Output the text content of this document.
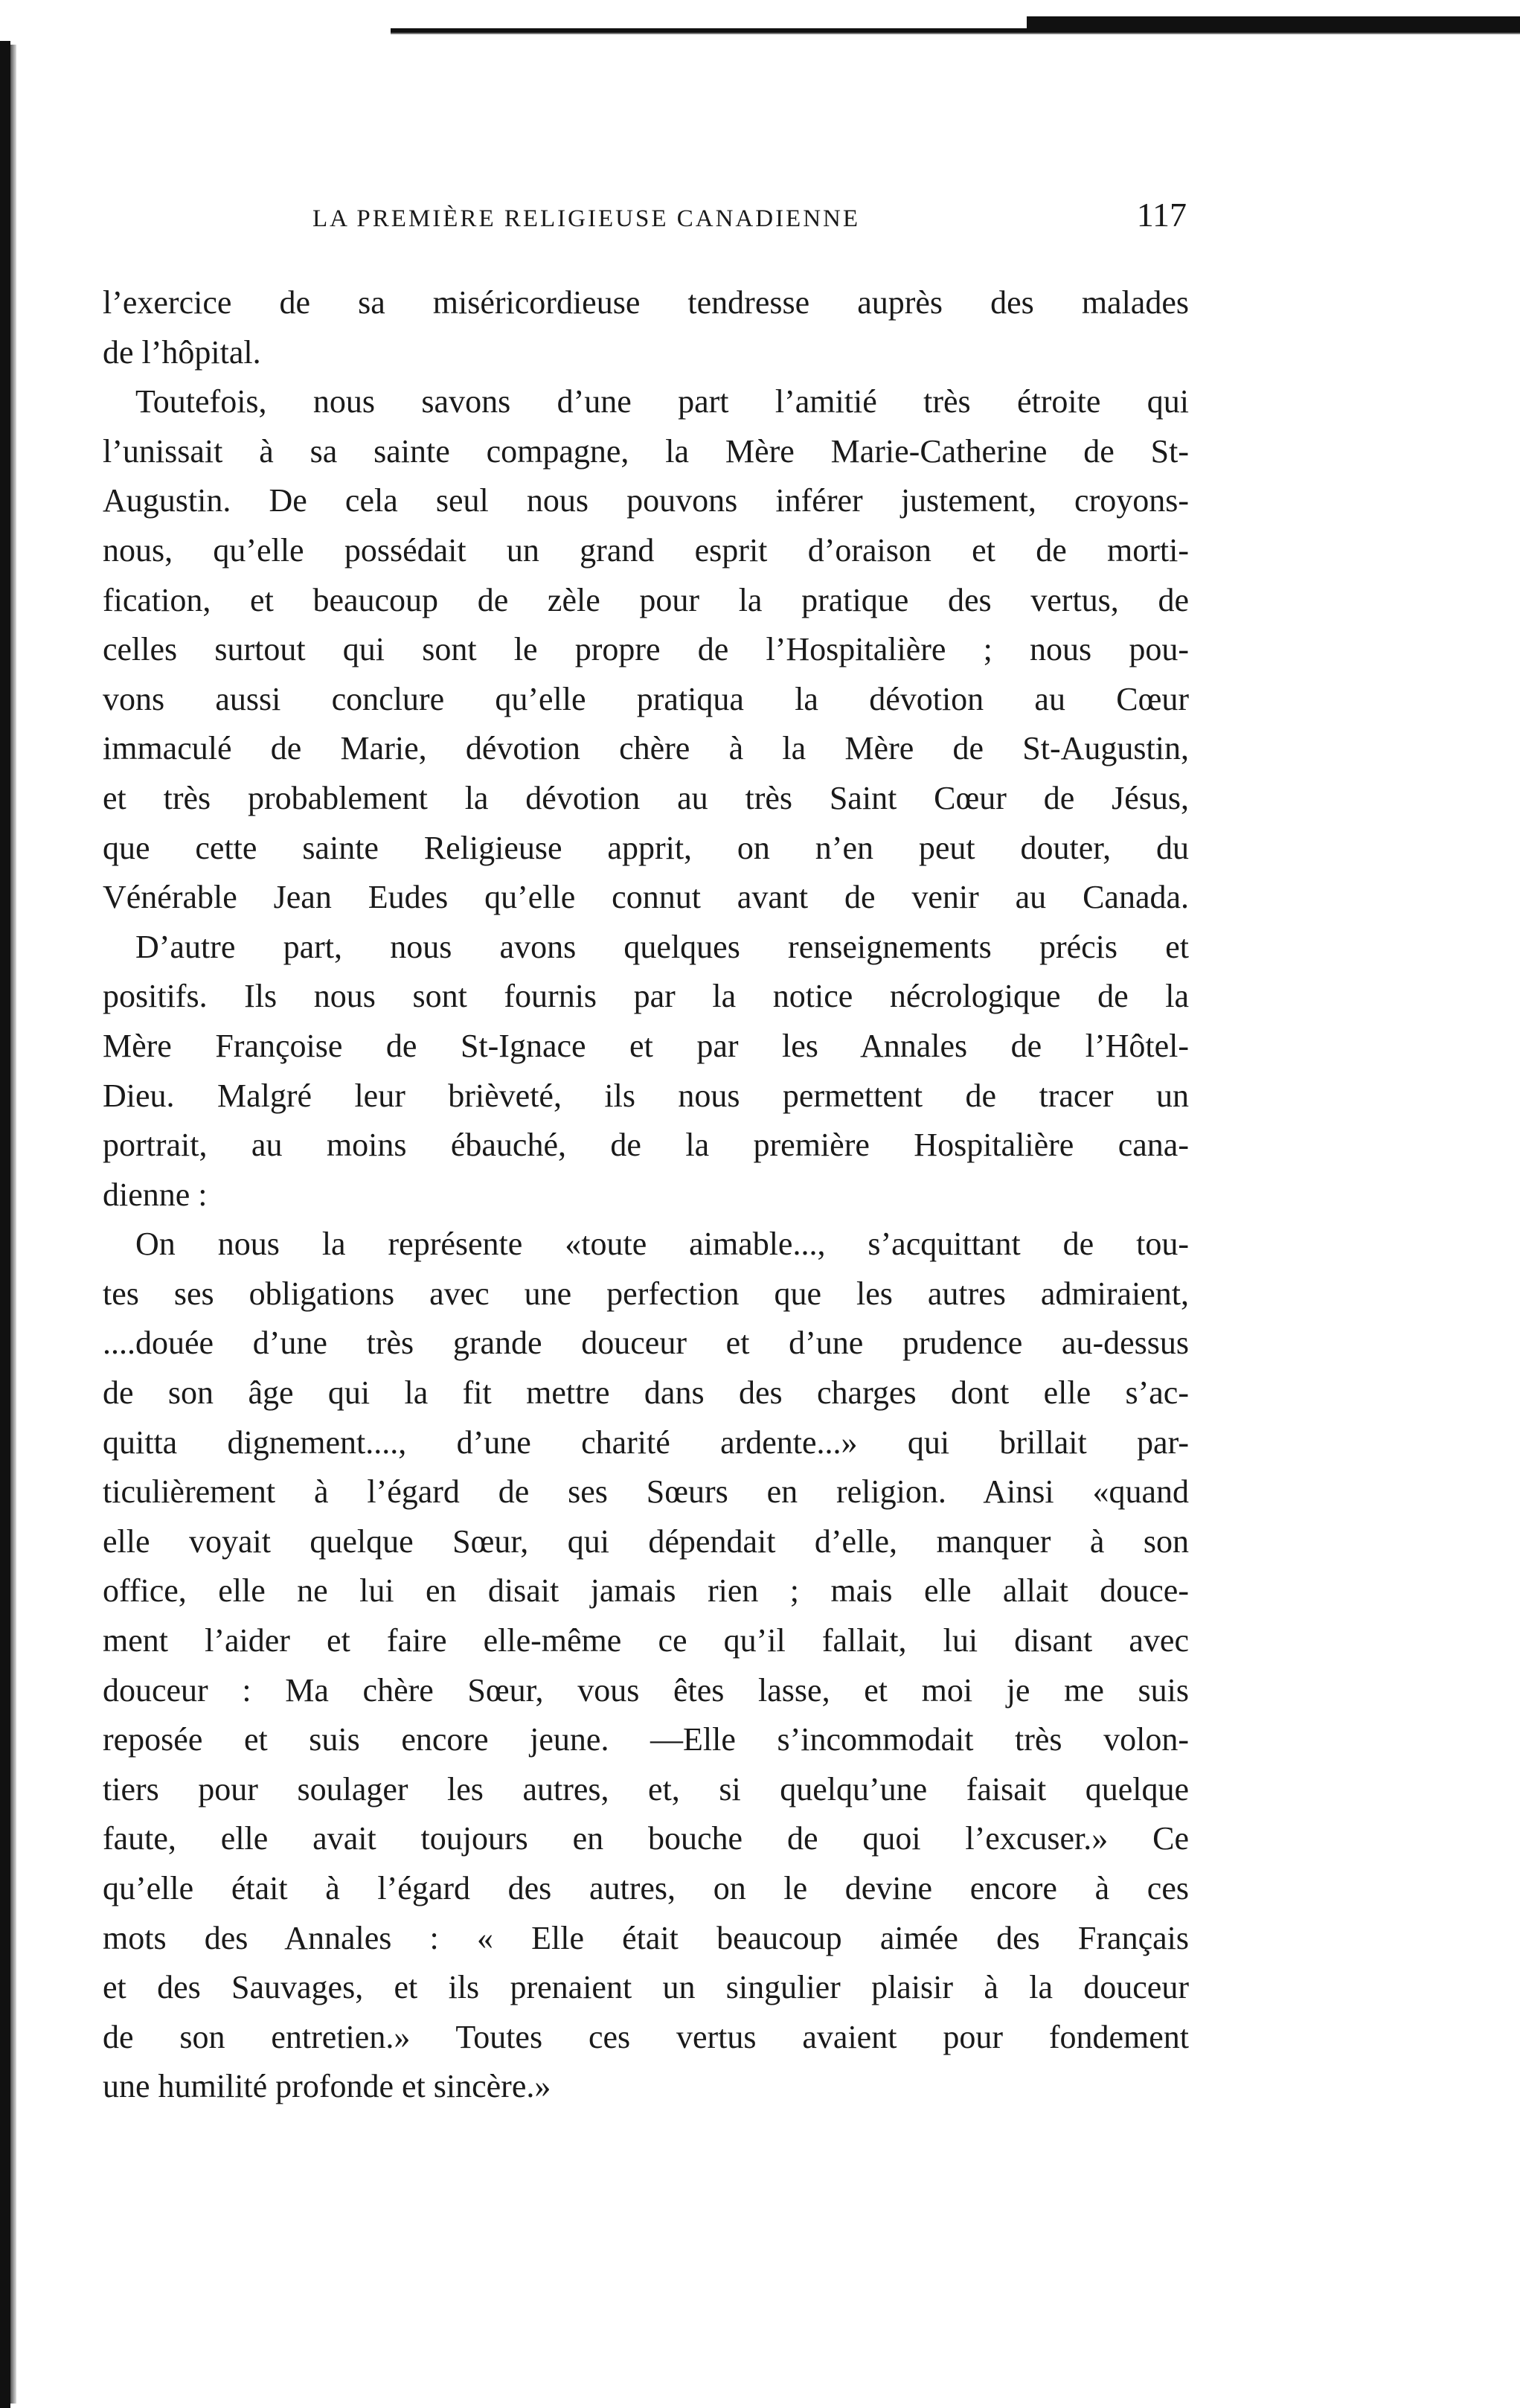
LA PREMIÈRE RELIGIEUSE CANADIENNE	117
l’exercice de sa miséricordieuse tendresse auprès des malades
de l’hôpital.
Toutefois, nous savons d’une part l’amitié très étroite qui
l’unissait à sa sainte compagne, la Mère Marie-Catherine de St-
Augustin. De cela seul nous pouvons inférer justement, croyons-
nous, qu’elle possédait un grand esprit d’oraison et de morti-
fication, et beaucoup de zèle pour la pratique des vertus, de
celles surtout qui sont le propre de l’Hospitalière ; nous pou-
vons aussi conclure qu’elle pratiqua la dévotion au Cœur
immaculé de Marie, dévotion chère à la Mère de St-Augustin,
et très probablement la dévotion au très Saint Cœur de Jésus,
que cette sainte Religieuse apprit, on n’en peut douter, du
Vénérable Jean Eudes qu’elle connut avant de venir au Canada.
D’autre part, nous avons quelques renseignements précis et
positifs. Ils nous sont fournis par la notice nécrologique de la
Mère Françoise de St-Ignace et par les Annales de l’Hôtel-
Dieu. Malgré leur brièveté, ils nous permettent de tracer un
portrait, au moins ébauché, de la première Hospitalière cana-
dienne :
On nous la représente «toute aimable..., s’acquittant de tou-
tes ses obligations avec une perfection que les autres admiraient,
....douée d’une très grande douceur et d’une prudence au-dessus
de son âge qui la fit mettre dans des charges dont elle s’ac-
quitta dignement...., d’une charité ardente...» qui brillait par-
ticulièrement à l’égard de ses Sœurs en religion. Ainsi «quand
elle voyait quelque Sœur, qui dépendait d’elle, manquer à son
office, elle ne lui en disait jamais rien ; mais elle allait douce-
ment l’aider et faire elle-même ce qu’il fallait, lui disant avec
douceur : Ma chère Sœur, vous êtes lasse, et moi je me suis
reposée et suis encore jeune. —Elle s’incommodait très volon-
tiers pour soulager les autres, et, si quelqu’une faisait quelque
faute, elle avait toujours en bouche de quoi l’excuser.» Ce
qu’elle était à l’égard des autres, on le devine encore à ces
mots des Annales : « Elle était beaucoup aimée des Français
et des Sauvages, et ils prenaient un singulier plaisir à la douceur
de son entretien.» Toutes ces vertus avaient pour fondement
une humilité profonde et sincère.»
